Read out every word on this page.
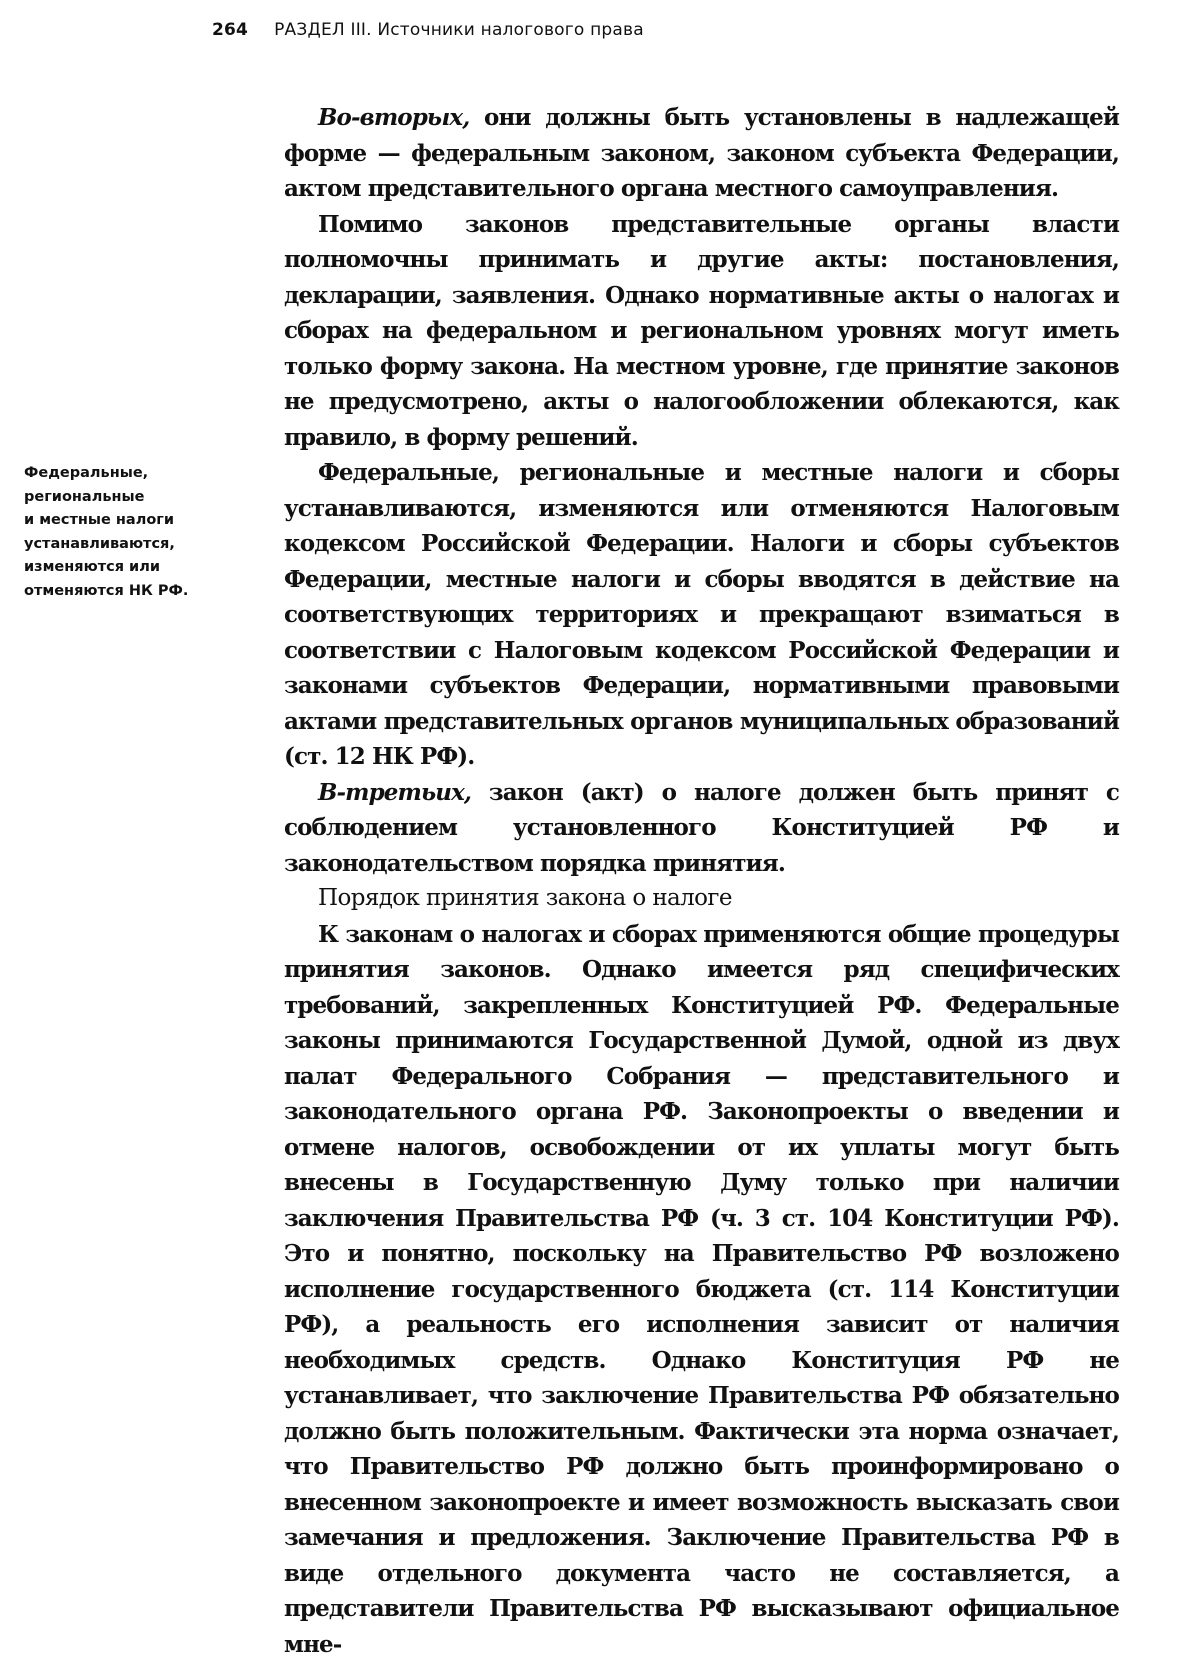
264 РАЗДЕЛ III. Источники налогового права
Федеральные,
региональные
и местные налоги
устанавливаются,
изменяются или
отменяются НК РФ.

Во-вторых, они должны быть установлены в надлежащей форме — федеральным законом, законом субъекта Федерации, актом представительного органа местного самоуправления.

Помимо законов представительные органы власти полномочны принимать и другие акты: постановления, декларации, заявления. Однако нормативные акты о налогах и сборах на федеральном и региональном уровнях могут иметь только форму закона. На местном уровне, где принятие законов не предусмотрено, акты о налогообложении облекаются, как правило, в форму решений.

Федеральные, региональные и местные налоги и сборы устанавливаются, изменяются или отменяются Налоговым кодексом Российской Федерации. Налоги и сборы субъектов Федерации, местные налоги и сборы вводятся в действие на соответствующих территориях и прекращают взиматься в соответствии с Налоговым кодексом Российской Федерации и законами субъектов Федерации, нормативными правовыми актами представительных органов муниципальных образований (ст. 12 НК РФ).

В-третьих, закон (акт) о налоге должен быть принят с соблюдением установленного Конституцией РФ и законодательством порядка принятия.

Порядок принятия закона о налоге

К законам о налогах и сборах применяются общие процедуры принятия законов. Однако имеется ряд специфических требований, закрепленных Конституцией РФ. Федеральные законы принимаются Государственной Думой, одной из двух палат Федерального Собрания — представительного и законодательного органа РФ. Законопроекты о введении и отмене налогов, освобождении от их уплаты могут быть внесены в Государственную Думу только при наличии заключения Правительства РФ (ч. 3 ст. 104 Конституции РФ). Это и понятно, поскольку на Правительство РФ возложено исполнение государственного бюджета (ст. 114 Конституции РФ), а реальность его исполнения зависит от наличия необходимых средств. Однако Конституция РФ не устанавливает, что заключение Правительства РФ обязательно должно быть положительным. Фактически эта норма означает, что Правительство РФ должно быть проинформировано о внесенном законопроекте и имеет возможность высказать свои замечания и предложения. Заключение Правительства РФ в виде отдельного документа часто не составляется, а представители Правительства РФ высказывают официальное мне-
